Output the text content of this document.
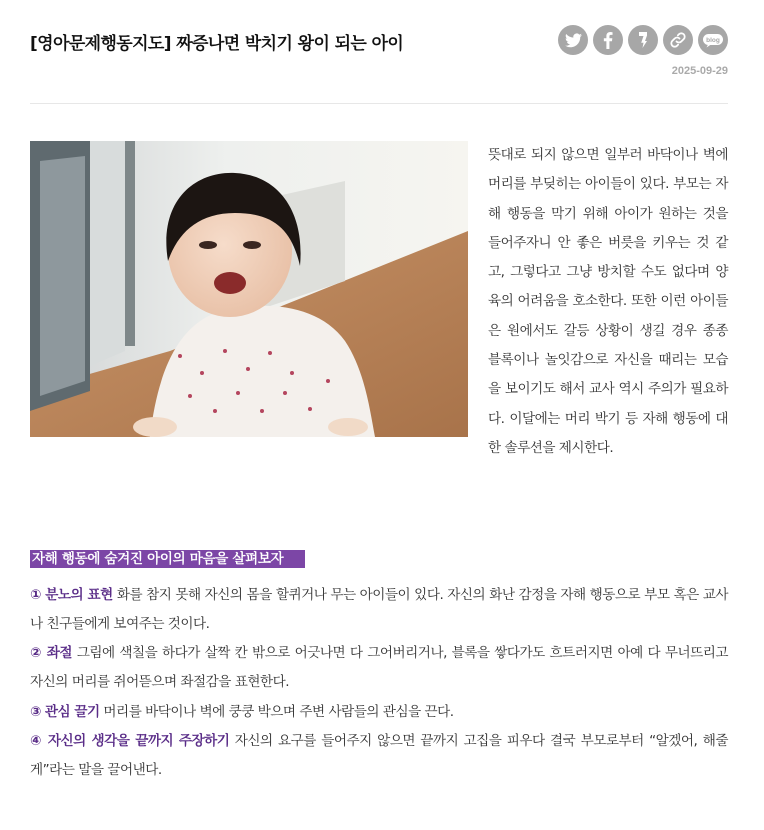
[영아문제행동지도] 짜증나면 박치기 왕이 되는 아이	blog
2025-09-29
뜻대로 되지 않으면 일부러 바닥이나 벽에 머리를 부딪히는 아이들이 있다. 부모는 자해 행동을 막기 위해 아이가 원하는 것을 들어주자니 안 좋은 버릇을 키우는 것 같고, 그렇다고 그냥 방치할 수도 없다며 양육의 어려움을 호소한다. 또한 이런 아이들은 원에서도 갈등 상황이 생길 경우 종종 블록이나 놀잇감으로 자신을 때리는 모습을 보이기도 해서 교사 역시 주의가 필요하다. 이달에는 머리 박기 등 자해 행동에 대한 솔루션을 제시한다.
자해 행동에 숨겨진 아이의 마음을 살펴보자

① 분노의 표현 화를 참지 못해 자신의 몸을 할퀴거나 무는 아이들이 있다. 자신의 화난 감정을 자해 행동으로 부모 혹은 교사나 친구들에게 보여주는 것이다.

② 좌절 그림에 색칠을 하다가 살짝 칸 밖으로 어긋나면 다 그어버리거나, 블록을 쌓다가도 흐트러지면 아예 다 무너뜨리고 자신의 머리를 쥐어뜯으며 좌절감을 표현한다.

③ 관심 끌기 머리를 바닥이나 벽에 쿵쿵 박으며 주변 사람들의 관심을 끈다.

④ 자신의 생각을 끝까지 주장하기 자신의 요구를 들어주지 않으면 끝까지 고집을 피우다 결국 부모로부터 “알겠어, 해줄게”라는 말을 끌어낸다.
